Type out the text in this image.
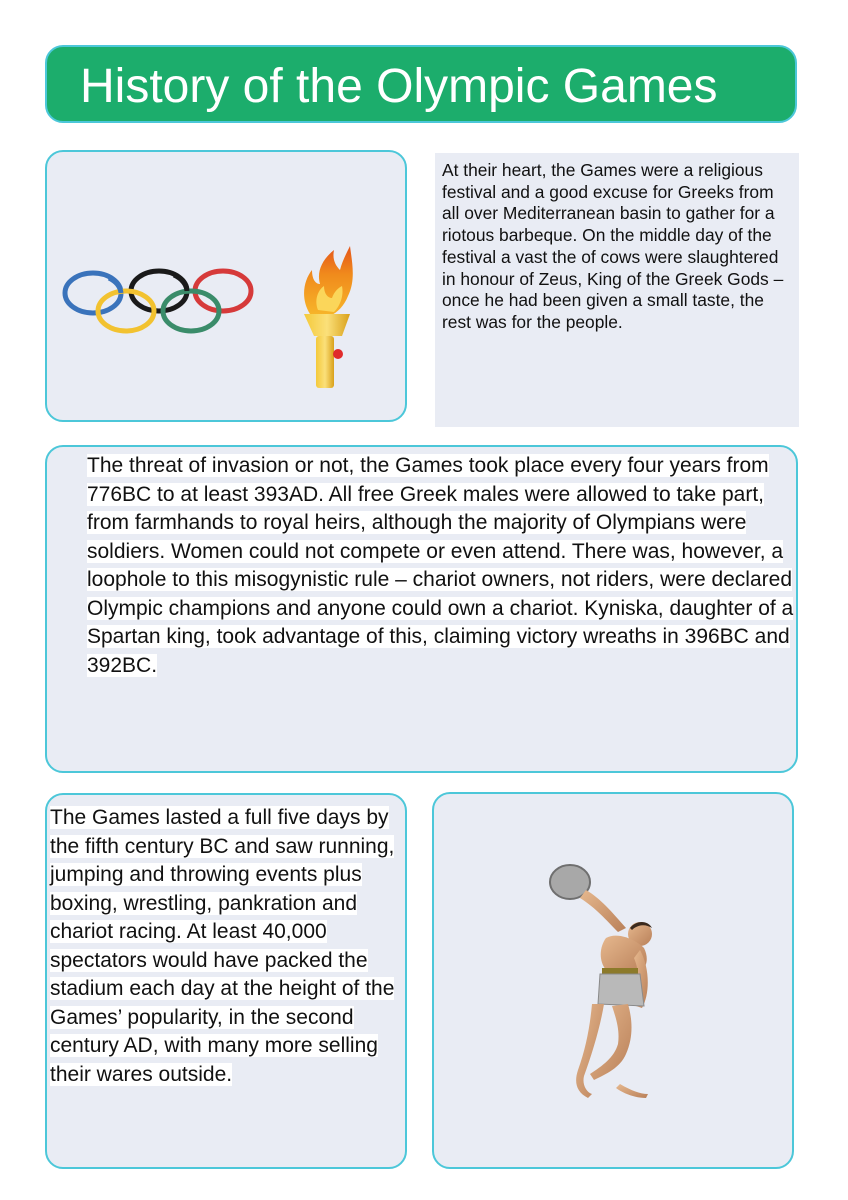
History of the Olympic Games
At their heart, the Games were a religious festival and a good excuse for Greeks from all over Mediterranean basin to gather for a riotous barbeque. On the middle day of the festival a vast the of cows were slaughtered in honour of Zeus, King of the Greek Gods – once he had been given a small taste, the rest was for the people.
The threat of invasion or not, the Games took place every four years from 776BC to at least 393AD. All free Greek males were allowed to take part, from farmhands to royal heirs, although the majority of Olympians were soldiers. Women could not compete or even attend. There was, however, a loophole to this misogynistic rule – chariot owners, not riders, were declared Olympic champions and anyone could own a chariot. Kyniska, daughter of a Spartan king, took advantage of this, claiming victory wreaths in 396BC and 392BC.
The Games lasted a full five days by the fifth century BC and saw running, jumping and throwing events plus boxing, wrestling, pankration and chariot racing. At least 40,000 spectators would have packed the stadium each day at the height of the Games’ popularity, in the second century AD, with many more selling their wares outside.
